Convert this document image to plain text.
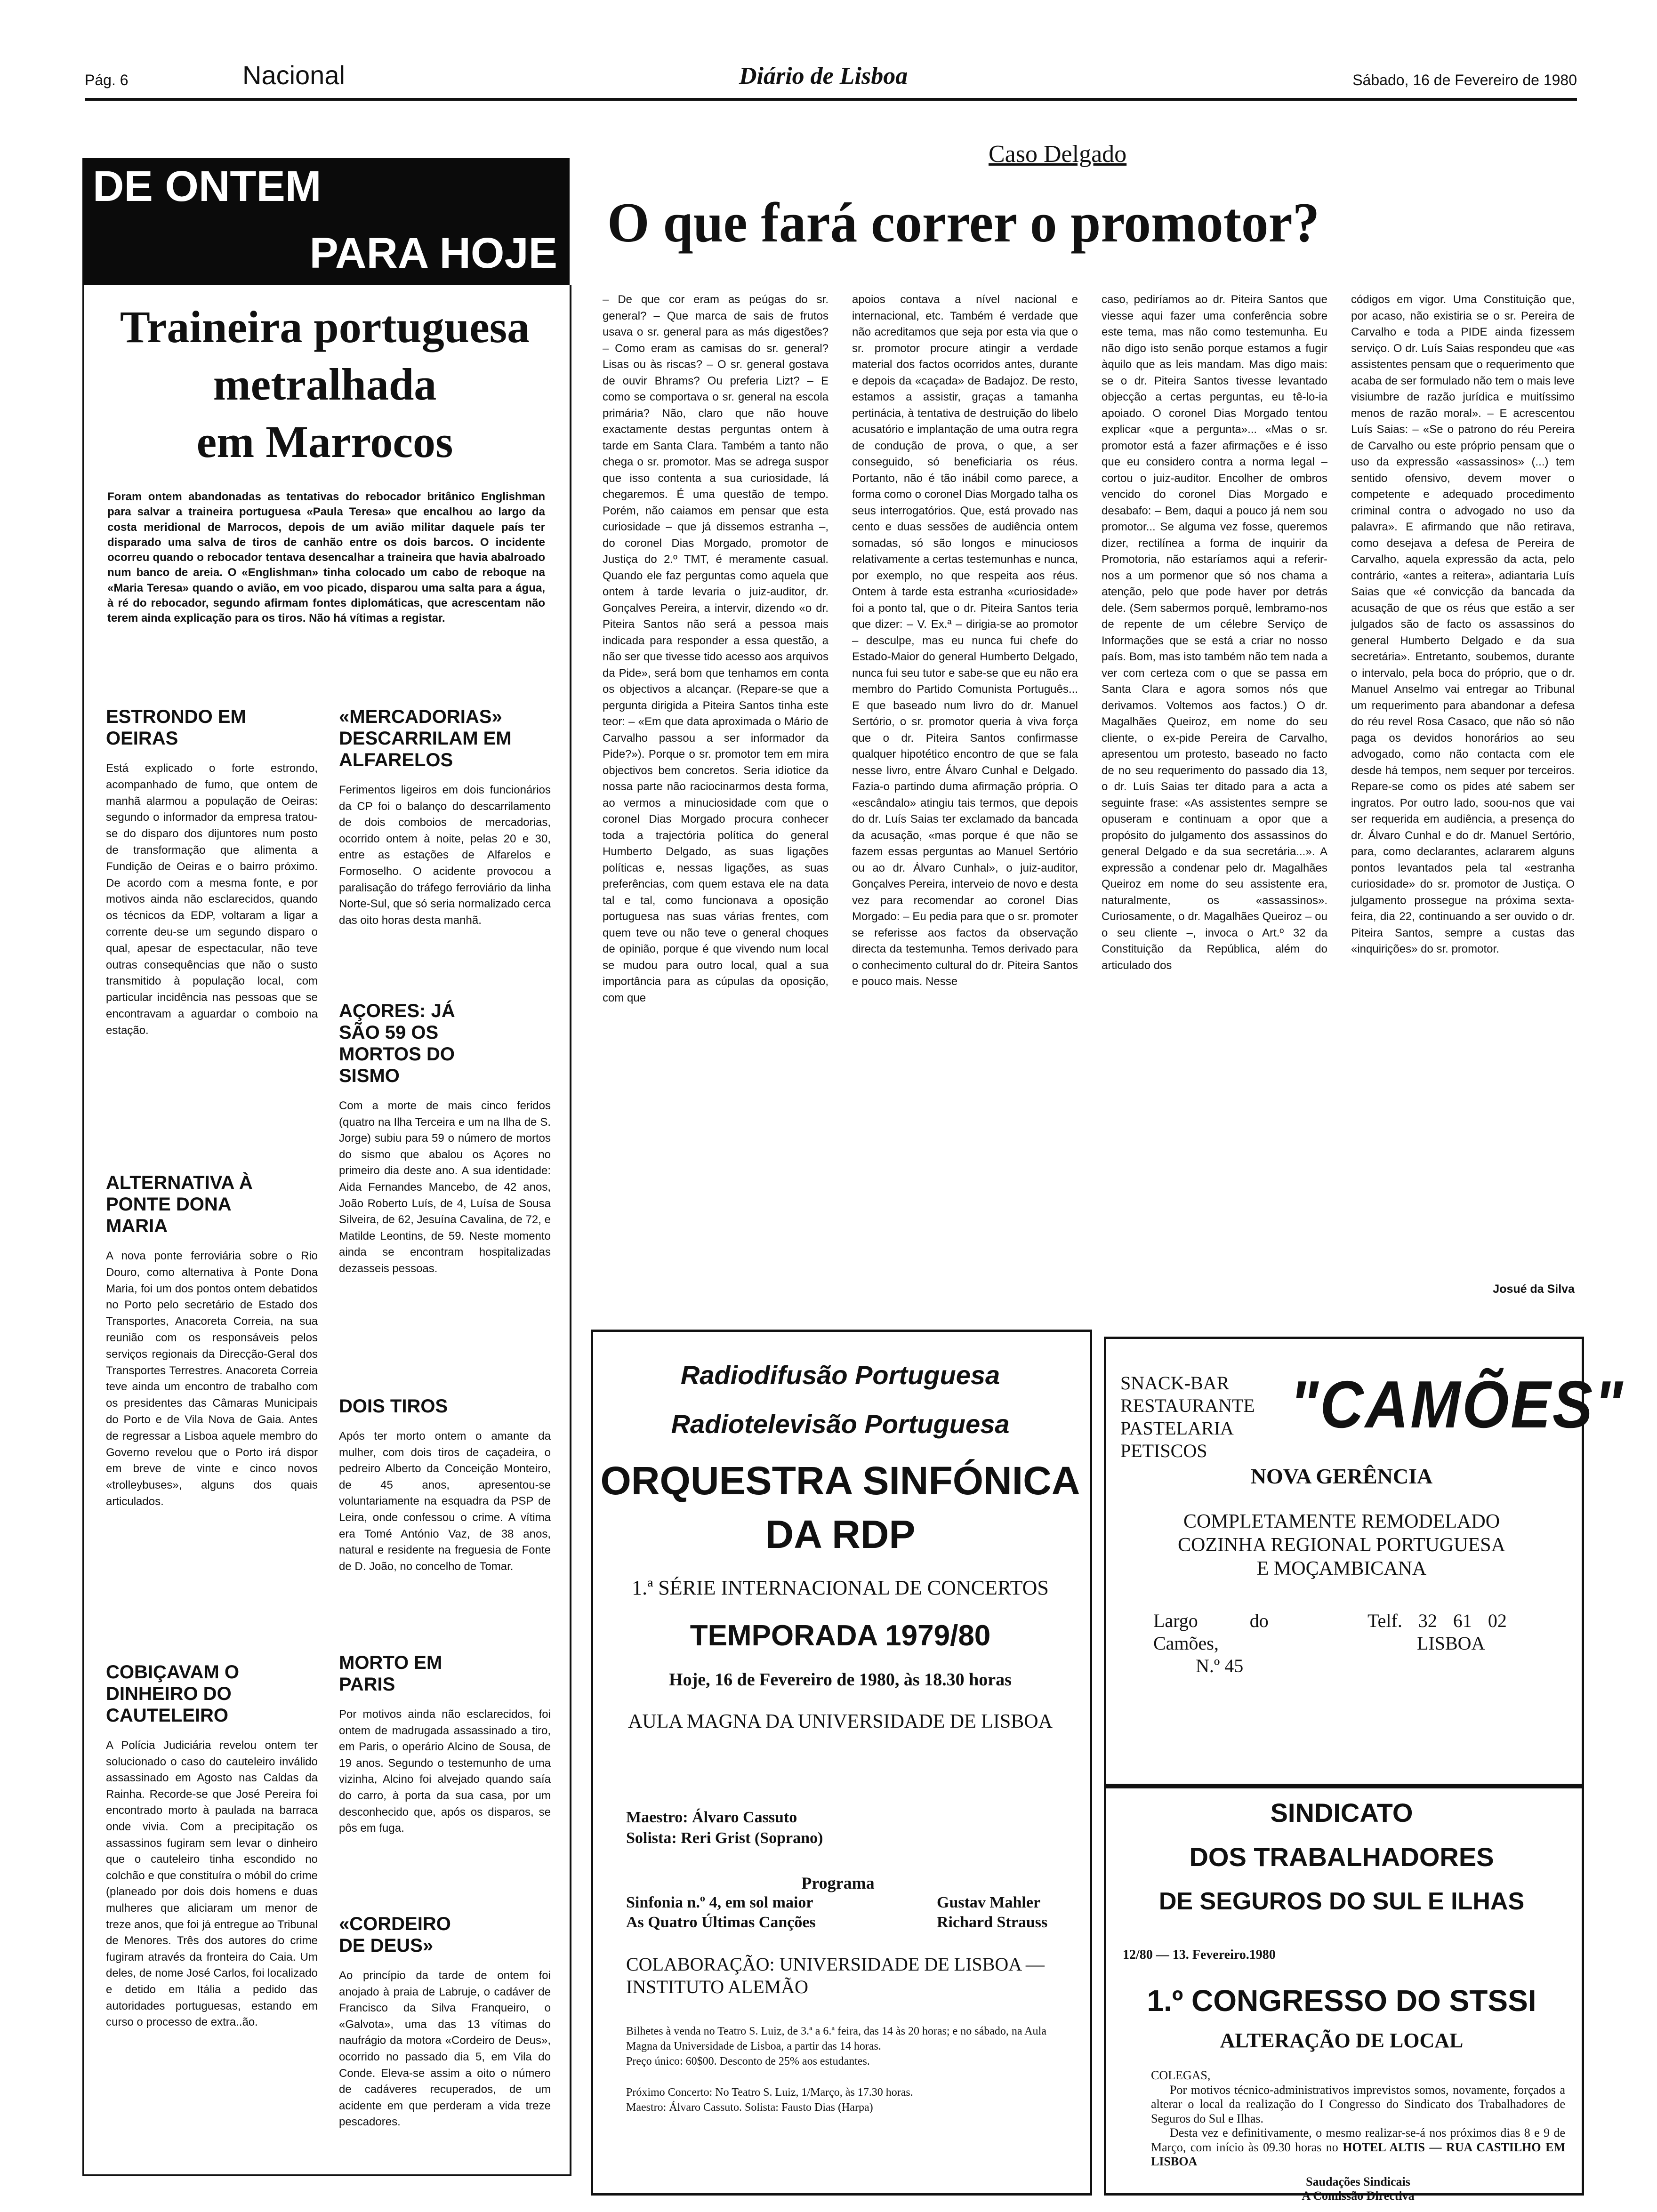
Pág. 6	Nacional	Diário de Lisboa	Sábado, 16 de Fevereiro de 1980
DE ONTEM
PARA HOJE
Traineira portuguesa
metralhada
em Marrocos

Foram ontem abandonadas as tentativas do rebocador britânico Englishman para salvar a traineira portuguesa «Paula Teresa» que encalhou ao largo da costa meridional de Marrocos, depois de um avião militar daquele país ter disparado uma salva de tiros de canhão entre os dois barcos. O incidente ocorreu quando o rebocador tentava desencalhar a traineira que havia abalroado num banco de areia. O «Englishman» tinha colocado um cabo de reboque na «Maria Teresa» quando o avião, em voo picado, disparou uma salta para a água, à ré do rebocador, segundo afirmam fontes diplomáticas, que acrescentam não terem ainda explicação para os tiros. Não há vítimas a registar.

ESTRONDO EM OEIRAS

Está explicado o forte estrondo, acompanhado de fumo, que ontem de manhã alarmou a população de Oeiras: segundo o informador da empresa tratou-se do disparo dos dijuntores num posto de transformação que alimenta a Fundição de Oeiras e o bairro próximo. De acordo com a mesma fonte, e por motivos ainda não esclarecidos, quando os técnicos da EDP, voltaram a ligar a corrente deu-se um segundo disparo o qual, apesar de espectacular, não teve outras consequências que não o susto transmitido à população local, com particular incidência nas pessoas que se encontravam a aguardar o comboio na estação.

ALTERNATIVA À PONTE DONA MARIA

A nova ponte ferroviária sobre o Rio Douro, como alternativa à Ponte Dona Maria, foi um dos pontos ontem debatidos no Porto pelo secretário de Estado dos Transportes, Anacoreta Correia, na sua reunião com os responsáveis pelos serviços regionais da Direcção-Geral dos Transportes Terrestres. Anacoreta Correia teve ainda um encontro de trabalho com os presidentes das Câmaras Municipais do Porto e de Vila Nova de Gaia. Antes de regressar a Lisboa aquele membro do Governo revelou que o Porto irá dispor em breve de vinte e cinco novos «trolleybuses», alguns dos quais articulados.

COBIÇAVAM O DINHEIRO DO CAUTELEIRO

A Polícia Judiciária revelou ontem ter solucionado o caso do cauteleiro inválido assassinado em Agosto nas Caldas da Rainha. Recorde-se que José Pereira foi encontrado morto à paulada na barraca onde vivia. Com a precipitação os assassinos fugiram sem levar o dinheiro que o cauteleiro tinha escondido no colchão e que constituíra o móbil do crime (planeado por dois dois homens e duas mulheres que aliciaram um menor de treze anos, que foi já entregue ao Tribunal de Menores. Três dos autores do crime fugiram através da fronteira do Caia. Um deles, de nome José Carlos, foi localizado e detido em Itália a pedido das autoridades portuguesas, estando em curso o processo de extra..ão.

«MERCADORIAS» DESCARRILAM EM ALFARELOS

Ferimentos ligeiros em dois funcionários da CP foi o balanço do descarrilamento de dois comboios de mercadorias, ocorrido ontem à noite, pelas 20 e 30, entre as estações de Alfarelos e Formoselho. O acidente provocou a paralisação do tráfego ferroviário da linha Norte-Sul, que só seria normalizado cerca das oito horas desta manhã.

AÇORES: JÁ SÃO 59 OS MORTOS DO SISMO

Com a morte de mais cinco feridos (quatro na Ilha Terceira e um na Ilha de S. Jorge) subiu para 59 o número de mortos do sismo que abalou os Açores no primeiro dia deste ano. A sua identidade: Aida Fernandes Mancebo, de 42 anos, João Roberto Luís, de 4, Luísa de Sousa Silveira, de 62, Jesuína Cavalina, de 72, e Matilde Leontins, de 59. Neste momento ainda se encontram hospitalizadas dezasseis pessoas.

DOIS TIROS

Após ter morto ontem o amante da mulher, com dois tiros de caçadeira, o pedreiro Alberto da Conceição Monteiro, de 45 anos, apresentou-se voluntariamente na esquadra da PSP de Leira, onde confessou o crime. A vítima era Tomé António Vaz, de 38 anos, natural e residente na freguesia de Fonte de D. João, no concelho de Tomar.

MORTO EM PARIS

Por motivos ainda não esclarecidos, foi ontem de madrugada assassinado a tiro, em Paris, o operário Alcino de Sousa, de 19 anos. Segundo o testemunho de uma vizinha, Alcino foi alvejado quando saía do carro, à porta da sua casa, por um desconhecido que, após os disparos, se pôs em fuga.

«CORDEIRO DE DEUS»

Ao princípio da tarde de ontem foi anojado à praia de Labruje, o cadáver de Francisco da Silva Franqueiro, o «Galvota», uma das 13 vítimas do naufrágio da motora «Cordeiro de Deus», ocorrido no passado dia 5, em Vila do Conde. Eleva-se assim a oito o número de cadáveres recuperados, de um acidente em que perderam a vida treze pescadores.

Caso Delgado
O que fará correr o promotor?

– De que cor eram as peúgas do sr. general? – Que marca de sais de frutos usava o sr. general para as más digestões? – Como eram as camisas do sr. general? Lisas ou às riscas? – O sr. general gostava de ouvir Bhrams? Ou preferia Lizt? – E como se comportava o sr. general na escola primária? Não, claro que não houve exactamente destas perguntas ontem à tarde em Santa Clara. Também a tanto não chega o sr. promotor. Mas se adrega suspor que isso contenta a sua curiosidade, lá chegaremos. É uma questão de tempo. Porém, não caiamos em pensar que esta curiosidade – que já dissemos estranha –, do coronel Dias Morgado, promotor de Justiça do 2.º TMT, é meramente casual. Quando ele faz perguntas como aquela que ontem à tarde levaria o juiz-auditor, dr. Gonçalves Pereira, a intervir, dizendo «o dr. Piteira Santos não será a pessoa mais indicada para responder a essa questão, a não ser que tivesse tido acesso aos arquivos da Pide», será bom que tenhamos em conta os objectivos a alcançar. (Repare-se que a pergunta dirigida a Piteira Santos tinha este teor: – «Em que data aproximada o Mário de Carvalho passou a ser informador da Pide?»). Porque o sr. promotor tem em mira objectivos bem concretos. Seria idiotice da nossa parte não raciocinarmos desta forma, ao vermos a minuciosidade com que o coronel Dias Morgado procura conhecer toda a trajectória política do general Humberto Delgado, as suas ligações políticas e, nessas ligações, as suas preferências, com quem estava ele na data tal e tal, como funcionava a oposição portuguesa nas suas várias frentes, com quem teve ou não teve o general choques de opinião, porque é que vivendo num local se mudou para outro local, qual a sua importância para as cúpulas da oposição, com que

apoios contava a nível nacional e internacional, etc. Também é verdade que não acreditamos que seja por esta via que o sr. promotor procure atingir a verdade material dos factos ocorridos antes, durante e depois da «caçada» de Badajoz. De resto, estamos a assistir, graças a tamanha pertinácia, à tentativa de destruição do libelo acusatório e implantação de uma outra regra de condução de prova, o que, a ser conseguido, só beneficiaria os réus. Portanto, não é tão inábil como parece, a forma como o coronel Dias Morgado talha os seus interrogatórios. Que, está provado nas cento e duas sessões de audiência ontem somadas, só são longos e minuciosos relativamente a certas testemunhas e nunca, por exemplo, no que respeita aos réus. Ontem à tarde esta estranha «curiosidade» foi a ponto tal, que o dr. Piteira Santos teria que dizer: – V. Ex.ª – dirigia-se ao promotor – desculpe, mas eu nunca fui chefe do Estado-Maior do general Humberto Delgado, nunca fui seu tutor e sabe-se que eu não era membro do Partido Comunista Português... E que baseado num livro do dr. Manuel Sertório, o sr. promotor queria à viva força que o dr. Piteira Santos confirmasse qualquer hipotético encontro de que se fala nesse livro, entre Álvaro Cunhal e Delgado. Fazia-o partindo duma afirmação própria. O «escândalo» atingiu tais termos, que depois do dr. Luís Saias ter exclamado da bancada da acusação, «mas porque é que não se fazem essas perguntas ao Manuel Sertório ou ao dr. Álvaro Cunhal», o juiz-auditor, Gonçalves Pereira, interveio de novo e desta vez para recomendar ao coronel Dias Morgado: – Eu pedia para que o sr. promoter se referisse aos factos da observação directa da testemunha. Temos derivado para o conhecimento cultural do dr. Piteira Santos e pouco mais. Nesse

caso, pediríamos ao dr. Piteira Santos que viesse aqui fazer uma conferência sobre este tema, mas não como testemunha. Eu não digo isto senão porque estamos a fugir àquilo que as leis mandam. Mas digo mais: se o dr. Piteira Santos tivesse levantado objecção a certas perguntas, eu tê-lo-ia apoiado. O coronel Dias Morgado tentou explicar «que a pergunta»... «Mas o sr. promotor está a fazer afirmações e é isso que eu considero contra a norma legal – cortou o juiz-auditor. Encolher de ombros vencido do coronel Dias Morgado e desabafo: – Bem, daqui a pouco já nem sou promotor... Se alguma vez fosse, queremos dizer, rectilínea a forma de inquirir da Promotoria, não estaríamos aqui a referir-nos a um pormenor que só nos chama a atenção, pelo que pode haver por detrás dele. (Sem sabermos porquê, lembramo-nos de repente de um célebre Serviço de Informações que se está a criar no nosso país. Bom, mas isto também não tem nada a ver com certeza com o que se passa em Santa Clara e agora somos nós que derivamos. Voltemos aos factos.) O dr. Magalhães Queiroz, em nome do seu cliente, o ex-pide Pereira de Carvalho, apresentou um protesto, baseado no facto de no seu requerimento do passado dia 13, o dr. Luís Saias ter ditado para a acta a seguinte frase: «As assistentes sempre se opuseram e continuam a opor que a propósito do julgamento dos assassinos do general Delgado e da sua secretária...». A expressão a condenar pelo dr. Magalhães Queiroz em nome do seu assistente era, naturalmente, os «assassinos». Curiosamente, o dr. Magalhães Queiroz – ou o seu cliente –, invoca o Art.º 32 da Constituição da República, além do articulado dos

códigos em vigor. Uma Constituição que, por acaso, não existiria se o sr. Pereira de Carvalho e toda a PIDE ainda fizessem serviço. O dr. Luís Saias respondeu que «as assistentes pensam que o requerimento que acaba de ser formulado não tem o mais leve visiumbre de razão jurídica e muitíssimo menos de razão moral». – E acrescentou Luís Saias: – «Se o patrono do réu Pereira de Carvalho ou este próprio pensam que o uso da expressão «assassinos» (...) tem sentido ofensivo, devem mover o competente e adequado procedimento criminal contra o advogado no uso da palavra». E afirmando que não retirava, como desejava a defesa de Pereira de Carvalho, aquela expressão da acta, pelo contrário, «antes a reitera», adiantaria Luís Saias que «é convicção da bancada da acusação de que os réus que estão a ser julgados são de facto os assassinos do general Humberto Delgado e da sua secretária». Entretanto, soubemos, durante o intervalo, pela boca do próprio, que o dr. Manuel Anselmo vai entregar ao Tribunal um requerimento para abandonar a defesa do réu revel Rosa Casaco, que não só não paga os devidos honorários ao seu advogado, como não contacta com ele desde há tempos, nem sequer por terceiros. Repare-se como os pides até sabem ser ingratos. Por outro lado, soou-nos que vai ser requerida em audiência, a presença do dr. Álvaro Cunhal e do dr. Manuel Sertório, para, como declarantes, aclararem alguns pontos levantados pela tal «estranha curiosidade» do sr. promotor de Justiça. O julgamento prossegue na próxima sexta-feira, dia 22, continuando a ser ouvido o dr. Piteira Santos, sempre a custas das «inquirições» do sr. promotor.

Josué da Silva
Radiodifusão Portuguesa
Radiotelevisão Portuguesa
ORQUESTRA SINFÓNICA
DA RDP
1.ª SÉRIE INTERNACIONAL DE CONCERTOS
TEMPORADA 1979/80
Hoje, 16 de Fevereiro de 1980, às 18.30 horas
AULA MAGNA DA UNIVERSIDADE DE LISBOA
Maestro: Álvaro Cassuto
Solista: Reri Grist (Soprano)
Programa
Sinfonia n.º 4, em sol maior	Gustav Mahler
As Quatro Últimas Canções	Richard Strauss
COLABORAÇÃO: UNIVERSIDADE DE LISBOA — INSTITUTO ALEMÃO
Bilhetes à venda no Teatro S. Luiz, de 3.ª a 6.ª feira, das 14 às 20 horas; e no sábado, na Aula Magna da Universidade de Lisboa, a partir das 14 horas.
Preço único: 60$00. Desconto de 25% aos estudantes.
Próximo Concerto: No Teatro S. Luiz, 1/Março, às 17.30 horas.
Maestro: Álvaro Cassuto. Solista: Fausto Dias (Harpa)
SNACK-BAR
RESTAURANTE
PASTELARIA
PETISCOS
"CAMÕES"
NOVA GERÊNCIA
COMPLETAMENTE REMODELADO
COZINHA REGIONAL PORTUGUESA
E MOÇAMBICANA
Largo do Camões,
N.º 45
Telf. 32 61 02
LISBOA
SINDICATO
DOS TRABALHADORES
DE SEGUROS DO SUL E ILHAS
12/80 — 13. Fevereiro.1980
1.º CONGRESSO DO STSSI
ALTERAÇÃO DE LOCAL
COLEGAS,
Por motivos técnico-administrativos imprevistos somos, novamente, forçados a alterar o local da realização do I Congresso do Sindicato dos Trabalhadores de Seguros do Sul e Ilhas.
Desta vez e definitivamente, o mesmo realizar-se-á nos próximos dias 8 e 9 de Março, com início às 09.30 horas no HOTEL ALTIS — RUA CASTILHO EM LISBOA
Saudações Sindicais
A Comissão Directiva
